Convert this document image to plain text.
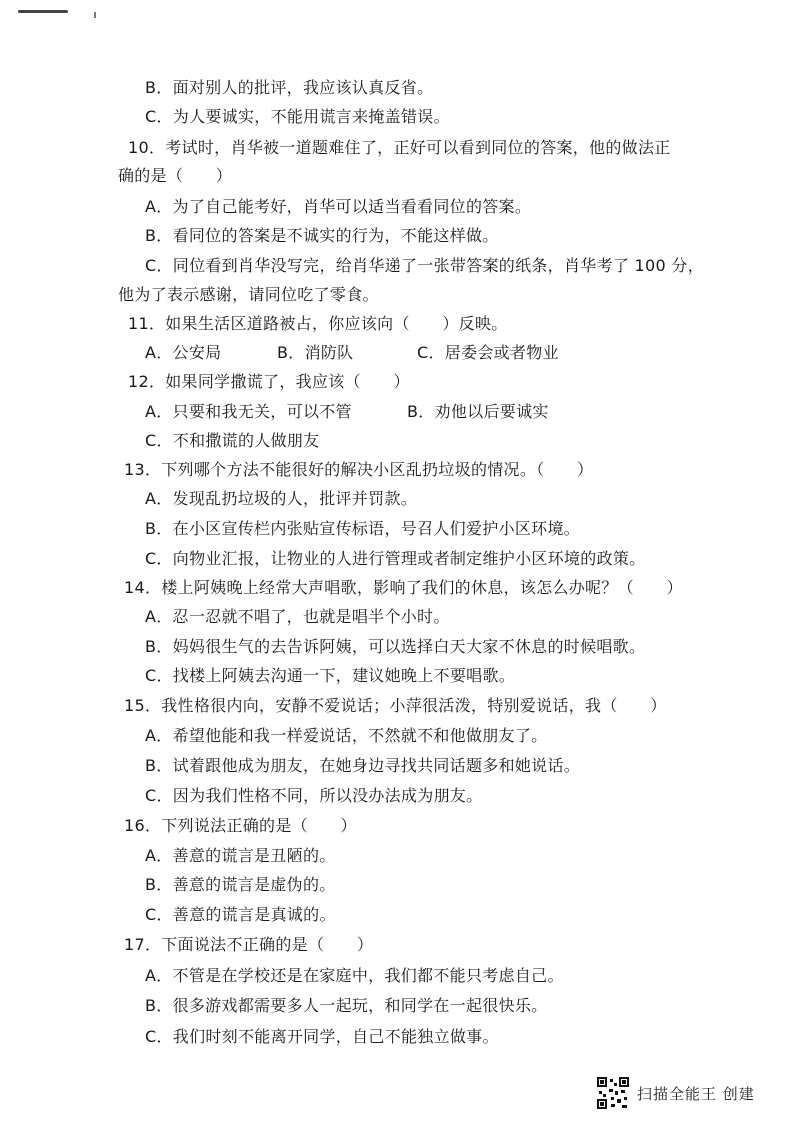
B．面对别人的批评，我应该认真反省。
C．为人要诚实，不能用谎言来掩盖错误。
10．考试时，肖华被一道题难住了，正好可以看到同位的答案，他的做法正
确的是（　　）
A．为了自己能考好，肖华可以适当看看同位的答案。
B．看同位的答案是不诚实的行为，不能这样做。
C．同位看到肖华没写完，给肖华递了一张带答案的纸条，肖华考了 100 分，
他为了表示感谢，请同位吃了零食。
11．如果生活区道路被占，你应该向（　　）反映。
A．公安局	B．消防队	C．居委会或者物业
12．如果同学撒谎了，我应该（　　）
A．只要和我无关，可以不管	B．劝他以后要诚实
C．不和撒谎的人做朋友
13．下列哪个方法不能很好的解决小区乱扔垃圾的情况。（　　）
A．发现乱扔垃圾的人，批评并罚款。
B．在小区宣传栏内张贴宣传标语，号召人们爱护小区环境。
C．向物业汇报，让物业的人进行管理或者制定维护小区环境的政策。
14．楼上阿姨晚上经常大声唱歌，影响了我们的休息，该怎么办呢？（　　）
A．忍一忍就不唱了，也就是唱半个小时。
B．妈妈很生气的去告诉阿姨，可以选择白天大家不休息的时候唱歌。
C．找楼上阿姨去沟通一下，建议她晚上不要唱歌。
15．我性格很内向，安静不爱说话；小萍很活泼，特别爱说话，我（　　）
A．希望他能和我一样爱说话，不然就不和他做朋友了。
B．试着跟他成为朋友，在她身边寻找共同话题多和她说话。
C．因为我们性格不同，所以没办法成为朋友。
16．下列说法正确的是（　　）
A．善意的谎言是丑陋的。
B．善意的谎言是虚伪的。
C．善意的谎言是真诚的。
17．下面说法不正确的是（　　）
A．不管是在学校还是在家庭中，我们都不能只考虑自己。
B．很多游戏都需要多人一起玩，和同学在一起很快乐。
C．我们时刻不能离开同学，自己不能独立做事。
扫描全能王 创建
